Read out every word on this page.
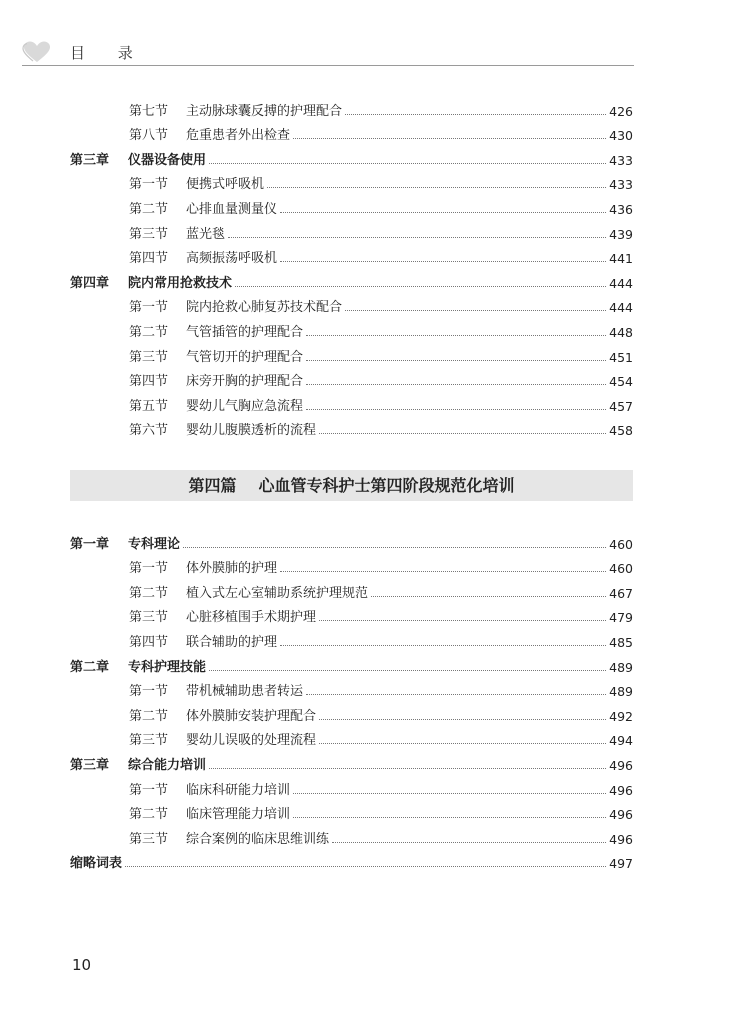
目 录
第七节	主动脉球囊反搏的护理配合	426
第八节	危重患者外出检查	430
第三章	仪器设备使用	433
第一节	便携式呼吸机	433
第二节	心排血量测量仪	436
第三节	蓝光毯	439
第四节	高频振荡呼吸机	441
第四章	院内常用抢救技术	444
第一节	院内抢救心肺复苏技术配合	444
第二节	气管插管的护理配合	448
第三节	气管切开的护理配合	451
第四节	床旁开胸的护理配合	454
第五节	婴幼儿气胸应急流程	457
第六节	婴幼儿腹膜透析的流程	458
第四篇 心血管专科护士第四阶段规范化培训
第一章	专科理论	460
第一节	体外膜肺的护理	460
第二节	植入式左心室辅助系统护理规范	467
第三节	心脏移植围手术期护理	479
第四节	联合辅助的护理	485
第二章	专科护理技能	489
第一节	带机械辅助患者转运	489
第二节	体外膜肺安装护理配合	492
第三节	婴幼儿误吸的处理流程	494
第三章	综合能力培训	496
第一节	临床科研能力培训	496
第二节	临床管理能力培训	496
第三节	综合案例的临床思维训练	496
缩略词表	497
10
